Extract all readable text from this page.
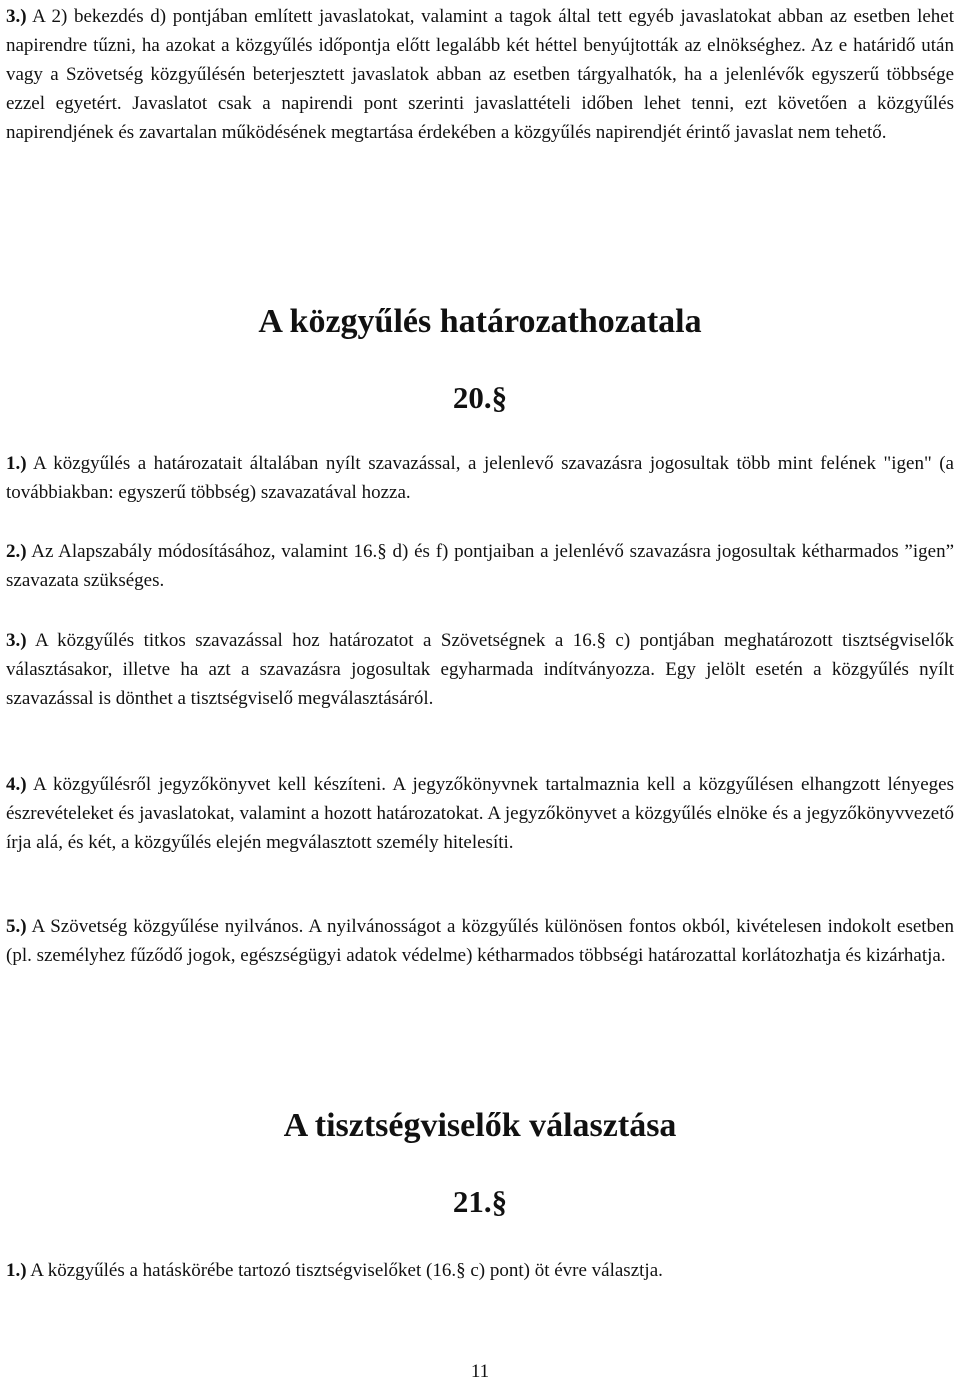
3.) A 2) bekezdés d) pontjában említett javaslatokat, valamint a tagok által tett egyéb javaslatokat abban az esetben lehet napirendre tűzni, ha azokat a közgyűlés időpontja előtt legalább két héttel benyújtották az elnökséghez. Az e határidő után vagy a Szövetség közgyűlésén beterjesztett javaslatok abban az esetben tárgyalhatók, ha a jelenlévők egyszerű többsége ezzel egyetért. Javaslatot csak a napirendi pont szerinti javaslattételi időben lehet tenni, ezt követően a közgyűlés napirendjének és zavartalan működésének megtartása érdekében a közgyűlés napirendjét érintő javaslat nem tehető.

A közgyűlés határozathozatala
20.§

1.) A közgyűlés a határozatait általában nyílt szavazással, a jelenlevő szavazásra jogosultak több mint felének "igen" (a továbbiakban: egyszerű többség) szavazatával hozza.

2.) Az Alapszabály módosításához, valamint 16.§ d) és f) pontjaiban a jelenlévő szavazásra jogosultak kétharmados ”igen” szavazata szükséges.

3.) A közgyűlés titkos szavazással hoz határozatot a Szövetségnek a 16.§ c) pontjában meghatározott tisztségviselők választásakor, illetve ha azt a szavazásra jogosultak egyharmada indítványozza. Egy jelölt esetén a közgyűlés nyílt szavazással is dönthet a tisztségviselő megválasztásáról.

4.) A közgyűlésről jegyzőkönyvet kell készíteni. A jegyzőkönyvnek tartalmaznia kell a közgyűlésen elhangzott lényeges észrevételeket és javaslatokat, valamint a hozott határozatokat. A jegyzőkönyvet a közgyűlés elnöke és a jegyzőkönyvvezető írja alá, és két, a közgyűlés elején megválasztott személy hitelesíti.

5.) A Szövetség közgyűlése nyilvános. A nyilvánosságot a közgyűlés különösen fontos okból, kivételesen indokolt esetben (pl. személyhez fűződő jogok, egészségügyi adatok védelme) kétharmados többségi határozattal korlátozhatja és kizárhatja.

A tisztségviselők választása
21.§

1.) A közgyűlés a hatáskörébe tartozó tisztségviselőket (16.§ c) pont) öt évre választja.

11
